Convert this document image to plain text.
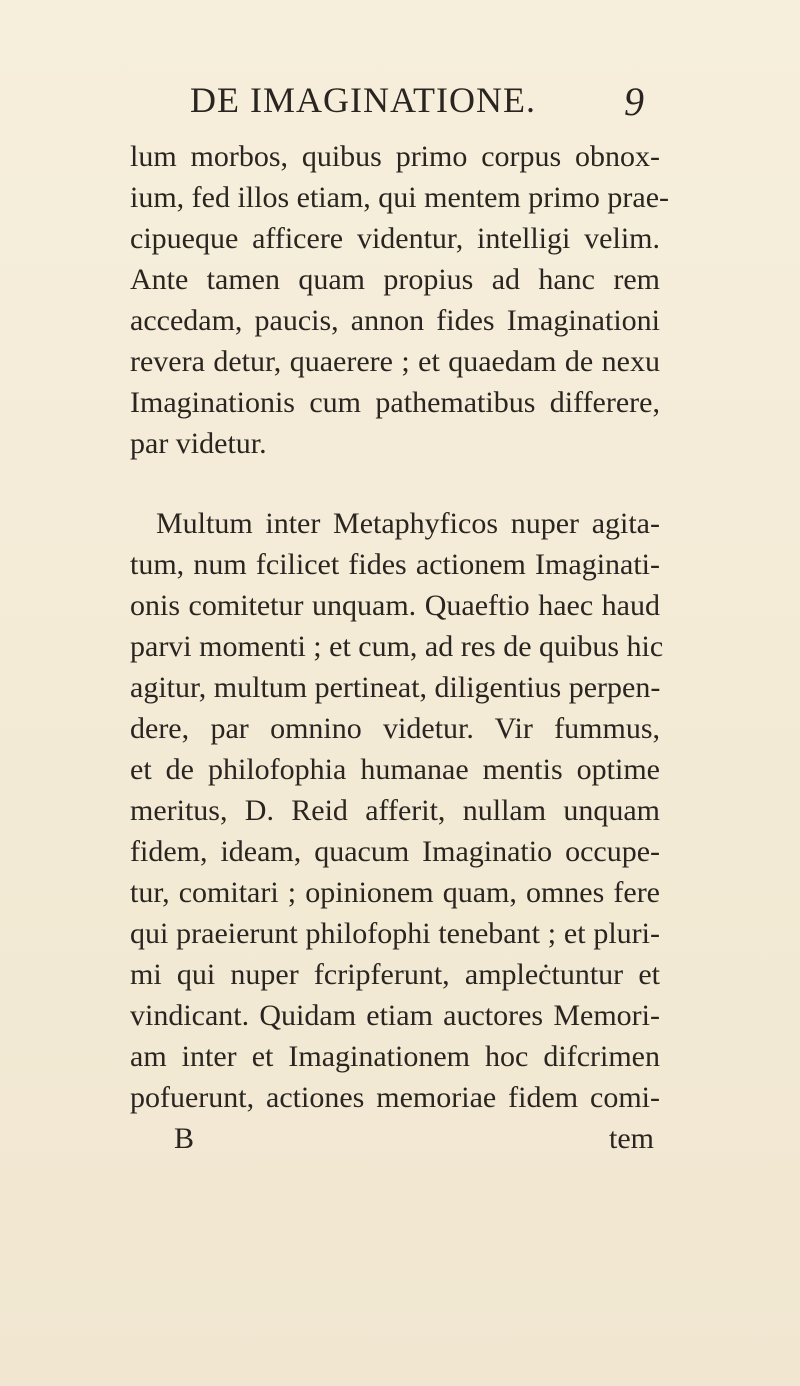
DE IMAGINATIONE.	9
lum morbos, quibus primo corpus obnox-
ium, fed illos etiam, qui mentem primo prae-
cipueque afficere videntur, intelligi velim.
Ante tamen quam propius ad hanc rem
accedam, paucis, annon fides Imaginationi
revera detur, quaerere ; et quaedam de nexu
Imaginationis cum pathematibus differere,
par videtur.
Multum inter Metaphyficos nuper agita-
tum, num fcilicet fides actionem Imaginati-
onis comitetur unquam. Quaeftio haec haud
parvi momenti ; et cum, ad res de quibus hic
agitur, multum pertineat, diligentius perpen-
dere, par omnino videtur. Vir fummus,
et de philofophia humanae mentis optime
meritus, D. Reid afferit, nullam unquam
fidem, ideam, quacum Imaginatio occupe-
tur, comitari ; opinionem quam, omnes fere
qui praeierunt philofophi tenebant ; et pluri-
mi qui nuper fcripferunt, ampleċtuntur et
vindicant. Quidam etiam auctores Memori-
am inter et Imaginationem hoc difcrimen
pofuerunt, actiones memoriae fidem comi-
B	tem
